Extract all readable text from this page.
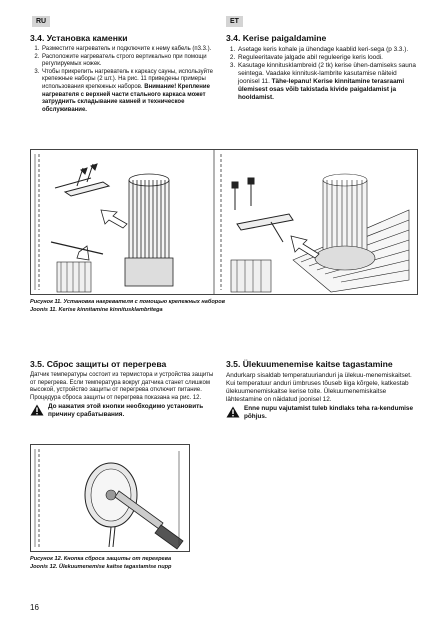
RU	ET
3.4. Установка каменки
1. Разместите нагреватель и подключите к нему кабель (п3.3.).
2. Расположите нагреватель строго вертикально при помощи регулируемых ножек.
3. Чтобы прикрепить нагреватель к каркасу сауны, используйте крепежные наборы (2 шт.). На рис. 11 приведены примеры использования крепежных наборов. Внимание! Крепление нагревателя с верхней части стального каркаса может затруднить складывание камней и техническое обслуживание.
3.4. Kerise paigaldamine
1. Asetage keris kohale ja ühendage kaablid keri-sega (p 3.3.).
2. Reguleeritavate jalgade abil reguleerige keris loodi.
3. Kasutage kinnituskIambreid (2 tk) kerise ühen-damiseks sauna seintega. Vaadake kinnitusk-lambrite kasutamise näiteid joonisel 11. Tähe-lepanu! Kerise kinnitamine terasraami ülemisest osas võib takistada kivide paigaldamist ja hooldamist.
Рисунок 11. Установка нагревателя с помощью крепежных наборов
Joonis 11. Kerise kinnitamine kinnitusklambritega
3.5. Сброс защиты от перегрева

Датчик температуры состоит из термистора и устройства защиты от перегрева. Если температура вокруг датчика станет слишком высокой, устройство защиты от перегрева отключит питание. Процедура сброса защиты от перегрева показана на рис. 12.

До нажатия этой кнопки необходимо установить причину срабатывания.
3.5. Ülekuumenemise kaitse tagastamine

Andurkarp sisaldab temperatuurianduri ja ülekuu-menemiskaitset. Kui temperatuur anduri ümbruses tõuseb liiga kõrgele, katkestab ülekuumenemiskaitse kerise toite. Ülekuumenemiskaitse lähtestamine on näidatud joonisel 12.

Enne nupu vajutamist tuleb kindlaks teha ra-kendumise põhjus.
Рисунок 12. Кнопка сброса защиты от перегрева
Joonis 12. Ülekuumenemise kaitse tagastamise nupp
16
